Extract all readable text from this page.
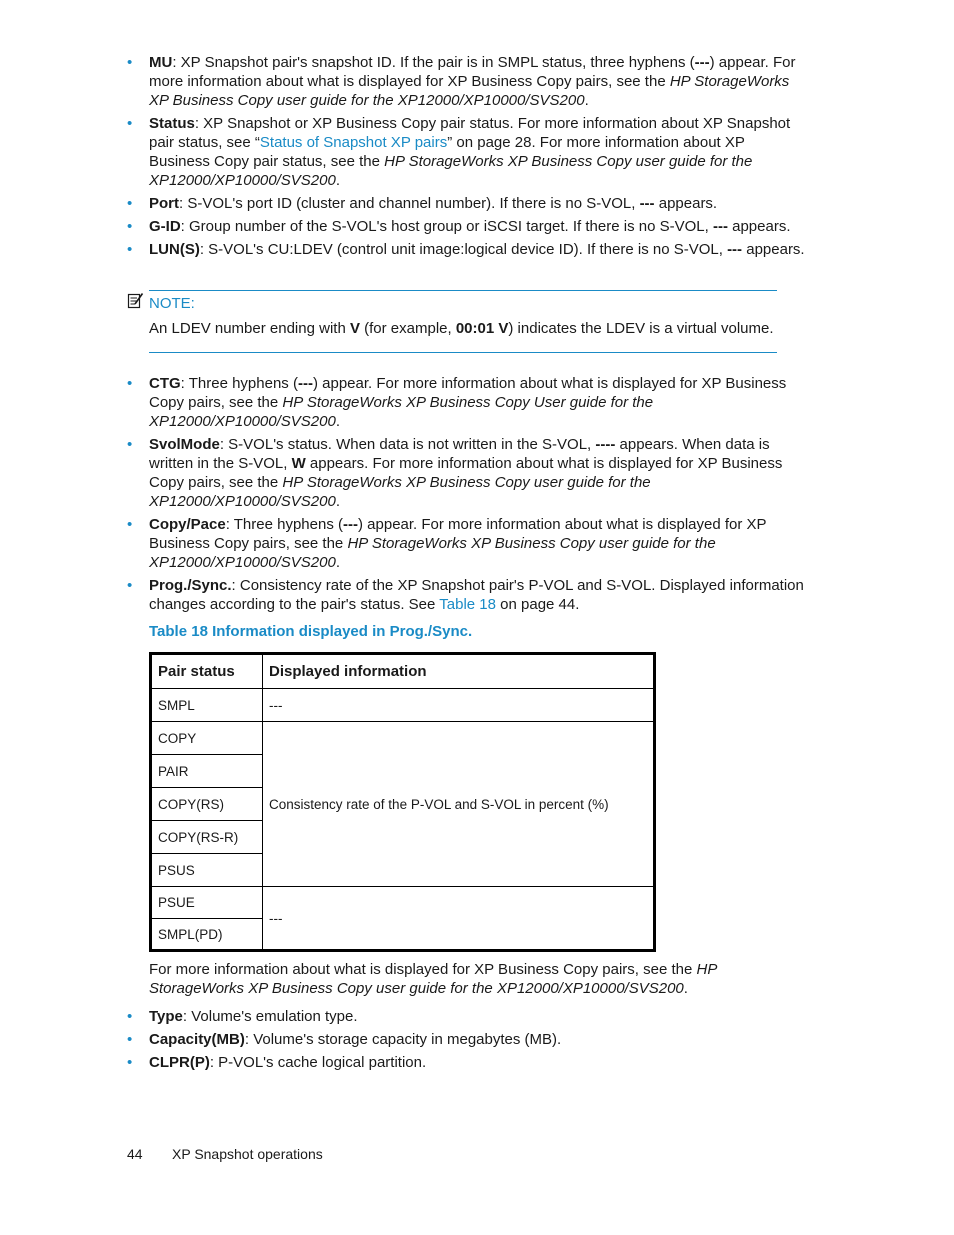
• MU: XP Snapshot pair's snapshot ID. If the pair is in SMPL status, three hyphens (---) appear. For more information about what is displayed for XP Business Copy pairs, see the HP StorageWorks XP Business Copy user guide for the XP12000/XP10000/SVS200.
• Status: XP Snapshot or XP Business Copy pair status. For more information about XP Snapshot pair status, see “Status of Snapshot XP pairs” on page 28. For more information about XP Business Copy pair status, see the HP StorageWorks XP Business Copy user guide for the XP12000/XP10000/SVS200.
• Port: S-VOL's port ID (cluster and channel number). If there is no S-VOL, --- appears.
• G-ID: Group number of the S-VOL's host group or iSCSI target. If there is no S-VOL, --- appears.
• LUN(S): S-VOL's CU:LDEV (control unit image:logical device ID). If there is no S-VOL, --- appears.
NOTE:
An LDEV number ending with V (for example, 00:01 V) indicates the LDEV is a virtual volume.
• CTG: Three hyphens (---) appear. For more information about what is displayed for XP Business Copy pairs, see the HP StorageWorks XP Business Copy User guide for the XP12000/XP10000/SVS200.
• SvolMode: S-VOL's status. When data is not written in the S-VOL, ---- appears. When data is written in the S-VOL, W appears. For more information about what is displayed for XP Business Copy pairs, see the HP StorageWorks XP Business Copy user guide for the XP12000/XP10000/SVS200.
• Copy/Pace: Three hyphens (---) appear. For more information about what is displayed for XP Business Copy pairs, see the HP StorageWorks XP Business Copy user guide for the XP12000/XP10000/SVS200.
• Prog./Sync.: Consistency rate of the XP Snapshot pair's P-VOL and S-VOL. Displayed information changes according to the pair's status. See Table 18 on page 44.
Table 18 Information displayed in Prog./Sync.
Pair status	Displayed information
SMPL
COPY
PAIR
COPY(RS)
COPY(RS-R)
PSUS
PSUE
SMPL(PD)
---
Consistency rate of the P-VOL and S-VOL in percent (%)
---
For more information about what is displayed for XP Business Copy pairs, see the HP StorageWorks XP Business Copy user guide for the XP12000/XP10000/SVS200.
• Type: Volume's emulation type.
• Capacity(MB): Volume's storage capacity in megabytes (MB).
• CLPR(P): P-VOL's cache logical partition.
44 XP Snapshot operations
